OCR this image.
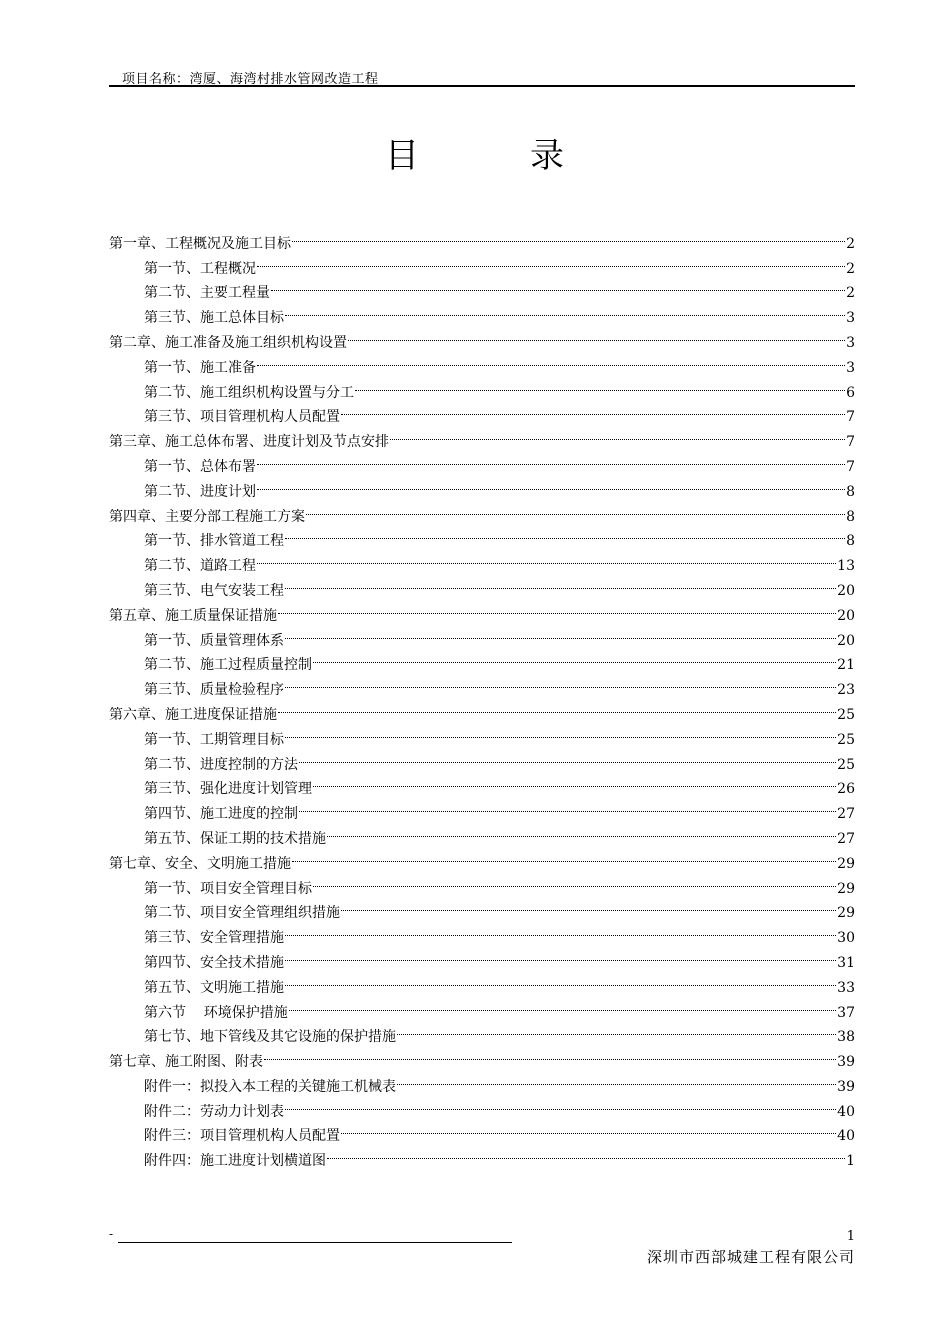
项目名称：湾厦、海湾村排水管网改造工程
目	录
第一章、工程概况及施工目标	2
第一节、工程概况	2
第二节、主要工程量	2
第三节、施工总体目标	3
第二章、施工准备及施工组织机构设置	3
第一节、施工准备	3
第二节、施工组织机构设置与分工	6
第三节、项目管理机构人员配置	7
第三章、施工总体布署、进度计划及节点安排	7
第一节、总体布署	7
第二节、进度计划	8
第四章、主要分部工程施工方案	8
第一节、排水管道工程	8
第二节、道路工程	13
第三节、电气安装工程	20
第五章、施工质量保证措施	20
第一节、质量管理体系	20
第二节、施工过程质量控制	21
第三节、质量检验程序	23
第六章、施工进度保证措施	25
第一节、工期管理目标	25
第二节、进度控制的方法	25
第三节、强化进度计划管理	26
第四节、施工进度的控制	27
第五节、保证工期的技术措施	27
第七章、安全、文明施工措施	29
第一节、项目安全管理目标	29
第二节、项目安全管理组织措施	29
第三节、安全管理措施	30
第四节、安全技术措施	31
第五节、文明施工措施	33
第六节    环境保护措施	37
第七节、地下管线及其它设施的保护措施	38
第七章、施工附图、附表	39
附件一：拟投入本工程的关键施工机械表	39
附件二：劳动力计划表	40
附件三：项目管理机构人员配置	40
附件四：施工进度计划横道图	1
-	1
深圳市西部城建工程有限公司
